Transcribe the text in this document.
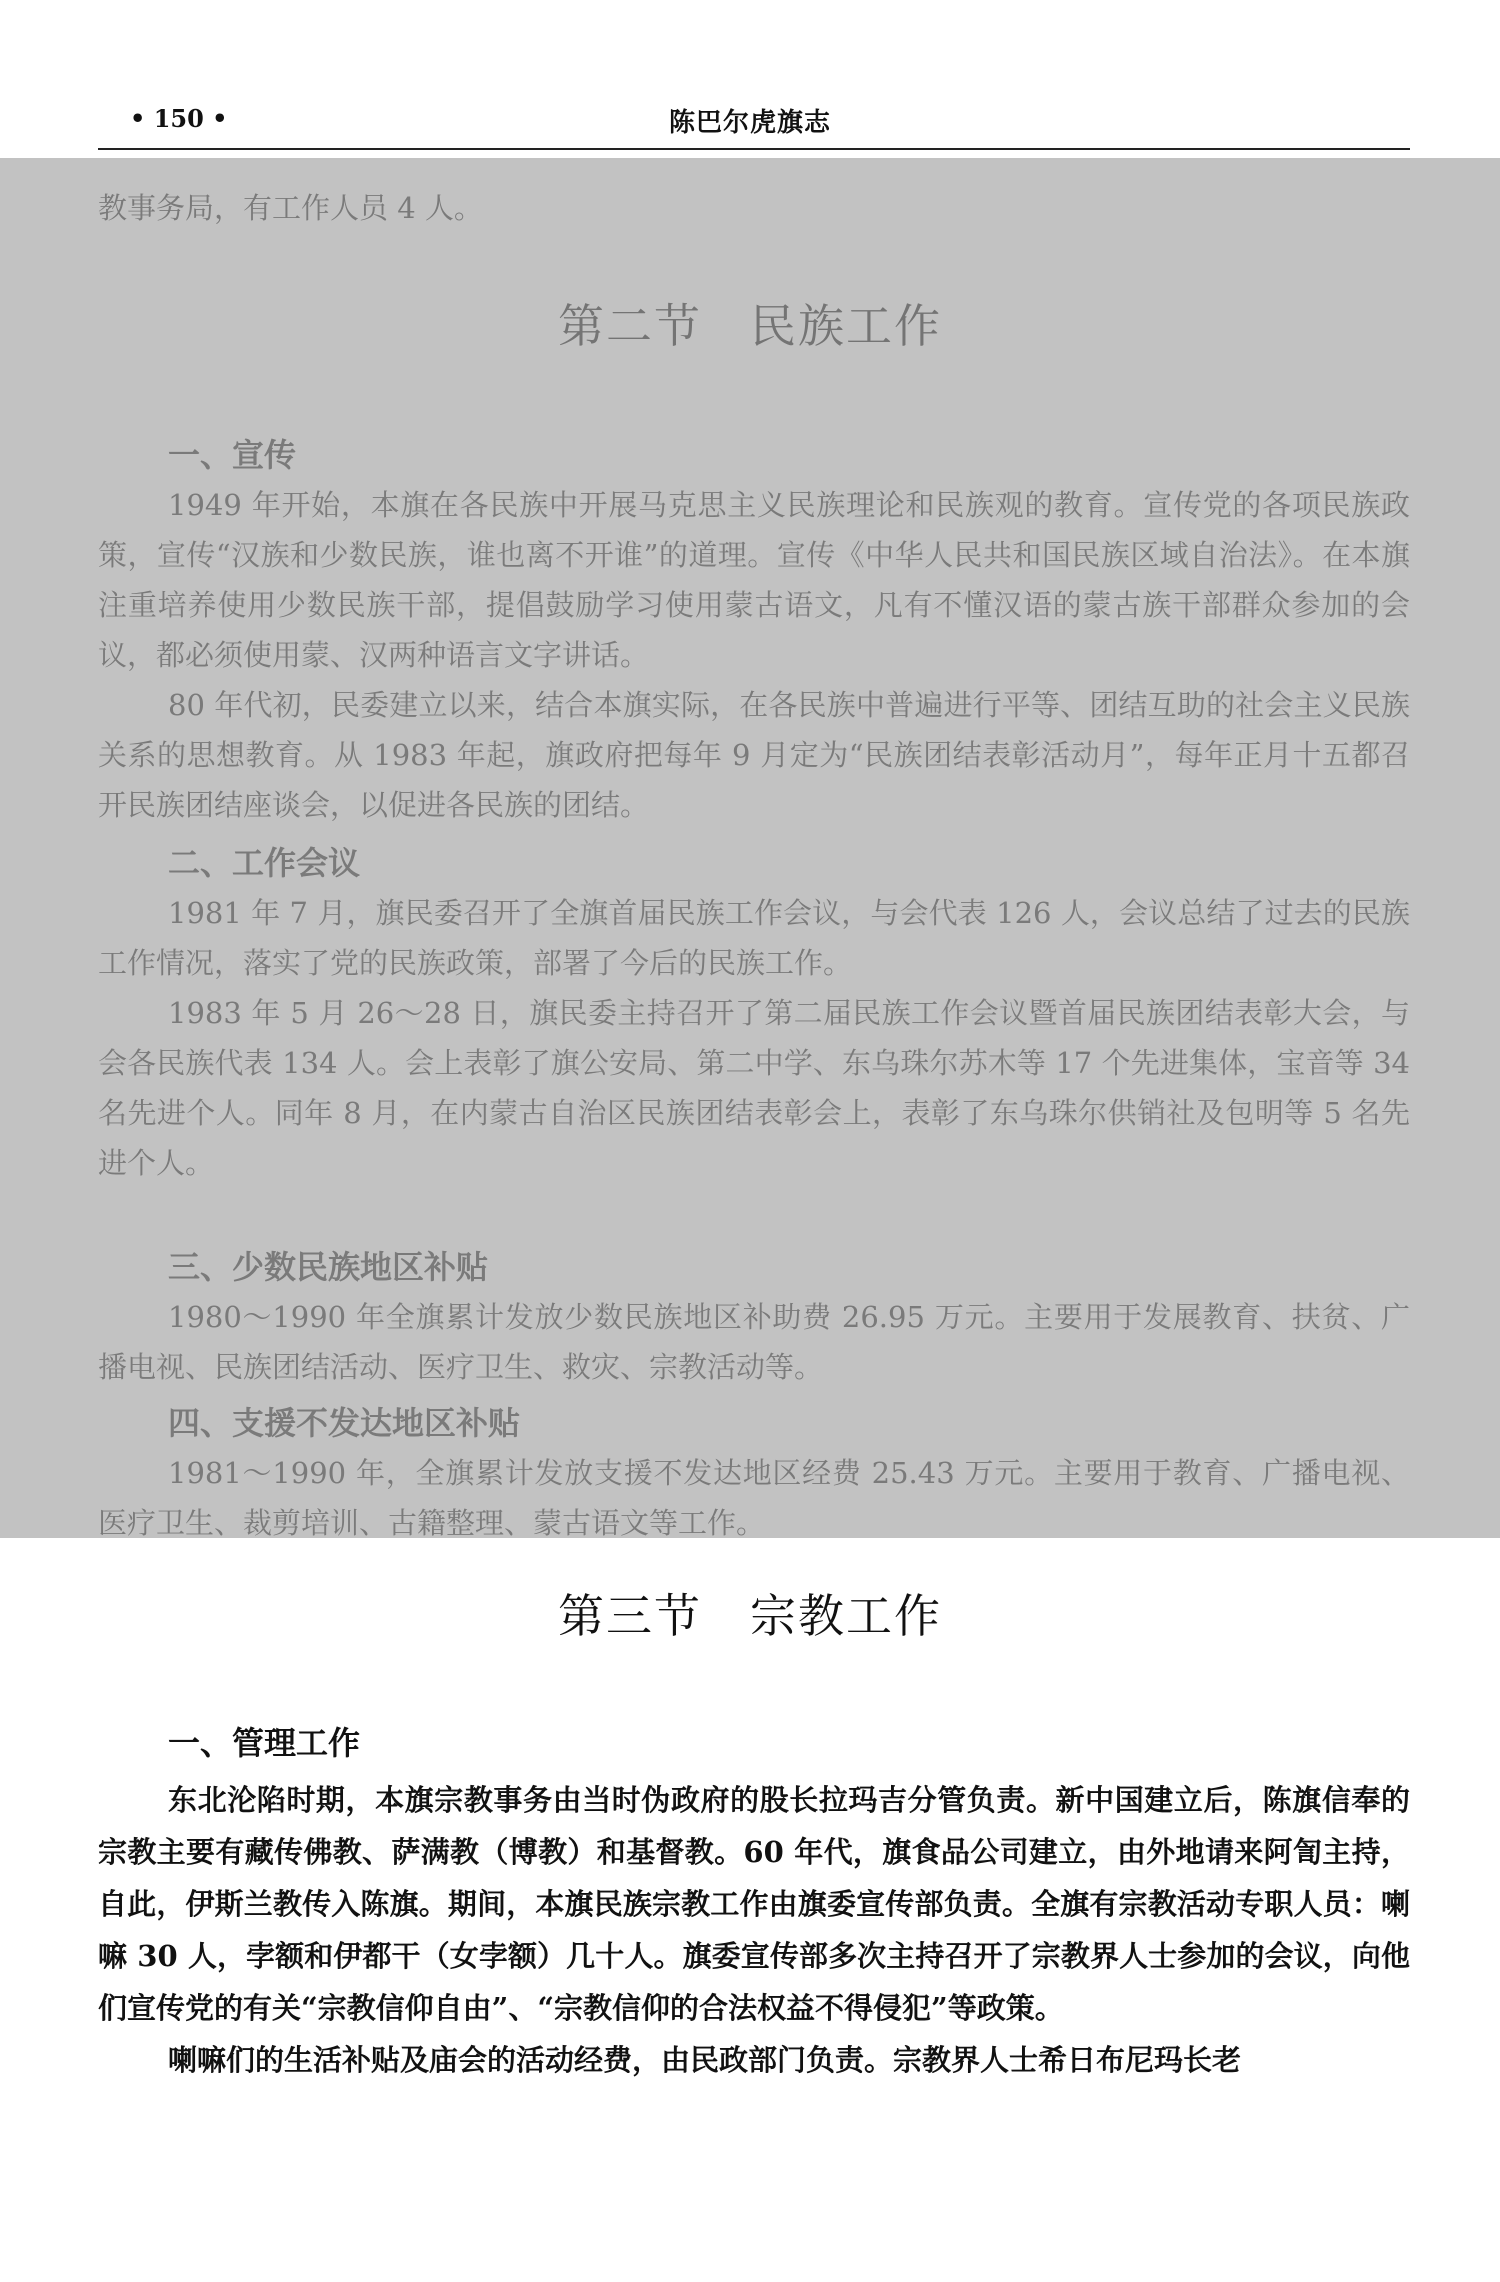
• 150 •	陈巴尔虎旗志
教事务局，有工作人员 4 人。
第二节 民族工作
一、宣传

1949 年开始，本旗在各民族中开展马克思主义民族理论和民族观的教育。宣传党的各项民族政策，宣传“汉族和少数民族，谁也离不开谁”的道理。宣传《中华人民共和国民族区域自治法》。在本旗注重培养使用少数民族干部，提倡鼓励学习使用蒙古语文，凡有不懂汉语的蒙古族干部群众参加的会议，都必须使用蒙、汉两种语言文字讲话。

80 年代初，民委建立以来，结合本旗实际，在各民族中普遍进行平等、团结互助的社会主义民族关系的思想教育。从 1983 年起，旗政府把每年 9 月定为“民族团结表彰活动月”，每年正月十五都召开民族团结座谈会，以促进各民族的团结。

二、工作会议

1981 年 7 月，旗民委召开了全旗首届民族工作会议，与会代表 126 人，会议总结了过去的民族工作情况，落实了党的民族政策，部署了今后的民族工作。

1983 年 5 月 26～28 日，旗民委主持召开了第二届民族工作会议暨首届民族团结表彰大会，与会各民族代表 134 人。会上表彰了旗公安局、第二中学、东乌珠尔苏木等 17 个先进集体，宝音等 34 名先进个人。同年 8 月，在内蒙古自治区民族团结表彰会上，表彰了东乌珠尔供销社及包明等 5 名先进个人。

三、少数民族地区补贴

1980～1990 年全旗累计发放少数民族地区补助费 26.95 万元。主要用于发展教育、扶贫、广播电视、民族团结活动、医疗卫生、救灾、宗教活动等。

四、支援不发达地区补贴

1981～1990 年，全旗累计发放支援不发达地区经费 25.43 万元。主要用于教育、广播电视、医疗卫生、裁剪培训、古籍整理、蒙古语文等工作。

第三节 宗教工作
一、管理工作

东北沦陷时期，本旗宗教事务由当时伪政府的股长拉玛吉分管负责。新中国建立后，陈旗信奉的宗教主要有藏传佛教、萨满教（博教）和基督教。60 年代，旗食品公司建立，由外地请来阿訇主持，自此，伊斯兰教传入陈旗。期间，本旗民族宗教工作由旗委宣传部负责。全旗有宗教活动专职人员：喇嘛 30 人，孛额和伊都干（女孛额）几十人。旗委宣传部多次主持召开了宗教界人士参加的会议，向他们宣传党的有关“宗教信仰自由”、“宗教信仰的合法权益不得侵犯”等政策。

喇嘛们的生活补贴及庙会的活动经费，由民政部门负责。宗教界人士希日布尼玛长老
